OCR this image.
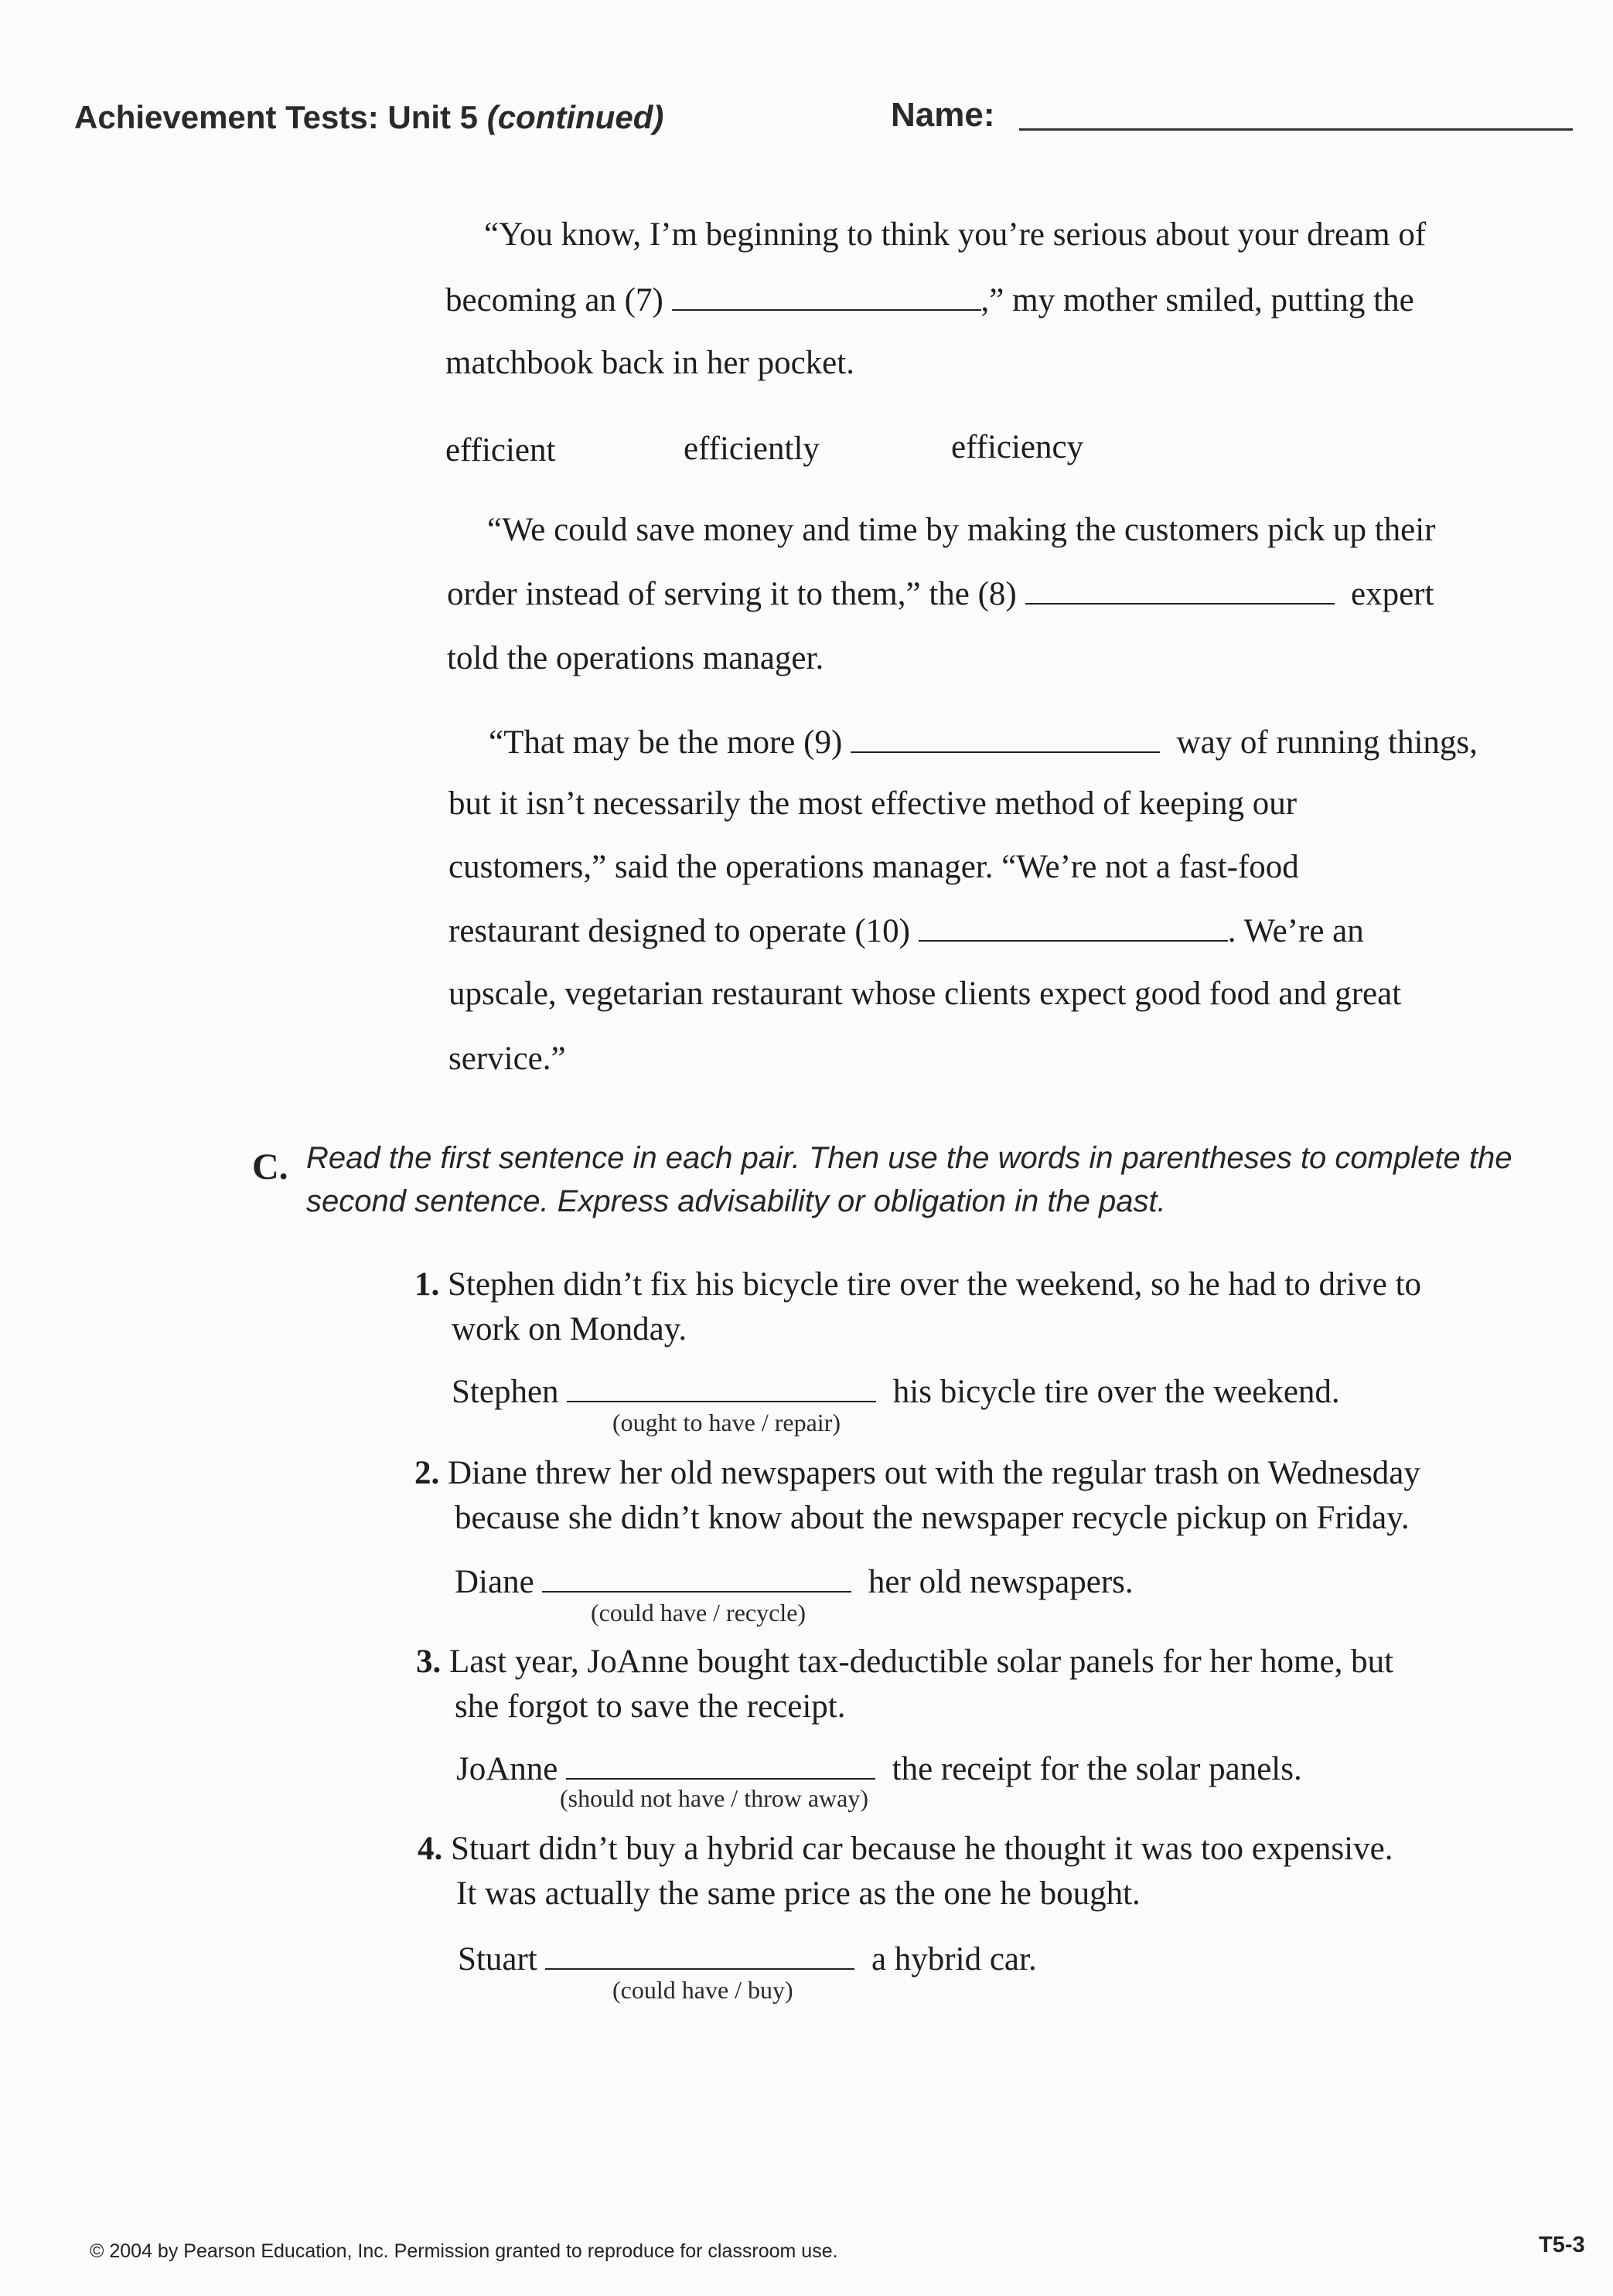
Achievement Tests: Unit 5 (continued)	Name:
“You know, I’m beginning to think you’re serious about your dream of
becoming an (7)	,” my mother smiled, putting the
matchbook back in her pocket.
efficient	efficiently	efficiency
“We could save money and time by making the customers pick up their
order instead of serving it to them,” the (8)	expert
told the operations manager.
“That may be the more (9)	way of running things,
but it isn’t necessarily the most effective method of keeping our
customers,” said the operations manager. “We’re not a fast-food
restaurant designed to operate (10)	. We’re an
upscale, vegetarian restaurant whose clients expect good food and great
service.”
C. Read the first sentence in each pair. Then use the words in parentheses to complete the
second sentence. Express advisability or obligation in the past.
1. Stephen didn’t fix his bicycle tire over the weekend, so he had to drive to
work on Monday.
Stephen	his bicycle tire over the weekend.
(ought to have / repair)
2. Diane threw her old newspapers out with the regular trash on Wednesday
because she didn’t know about the newspaper recycle pickup on Friday.
Diane	her old newspapers.
(could have / recycle)
3. Last year, JoAnne bought tax-deductible solar panels for her home, but
she forgot to save the receipt.
JoAnne	the receipt for the solar panels.
(should not have / throw away)
4. Stuart didn’t buy a hybrid car because he thought it was too expensive.
It was actually the same price as the one he bought.
Stuart	a hybrid car.
(could have / buy)
© 2004 by Pearson Education, Inc. Permission granted to reproduce for classroom use.	T5-3
